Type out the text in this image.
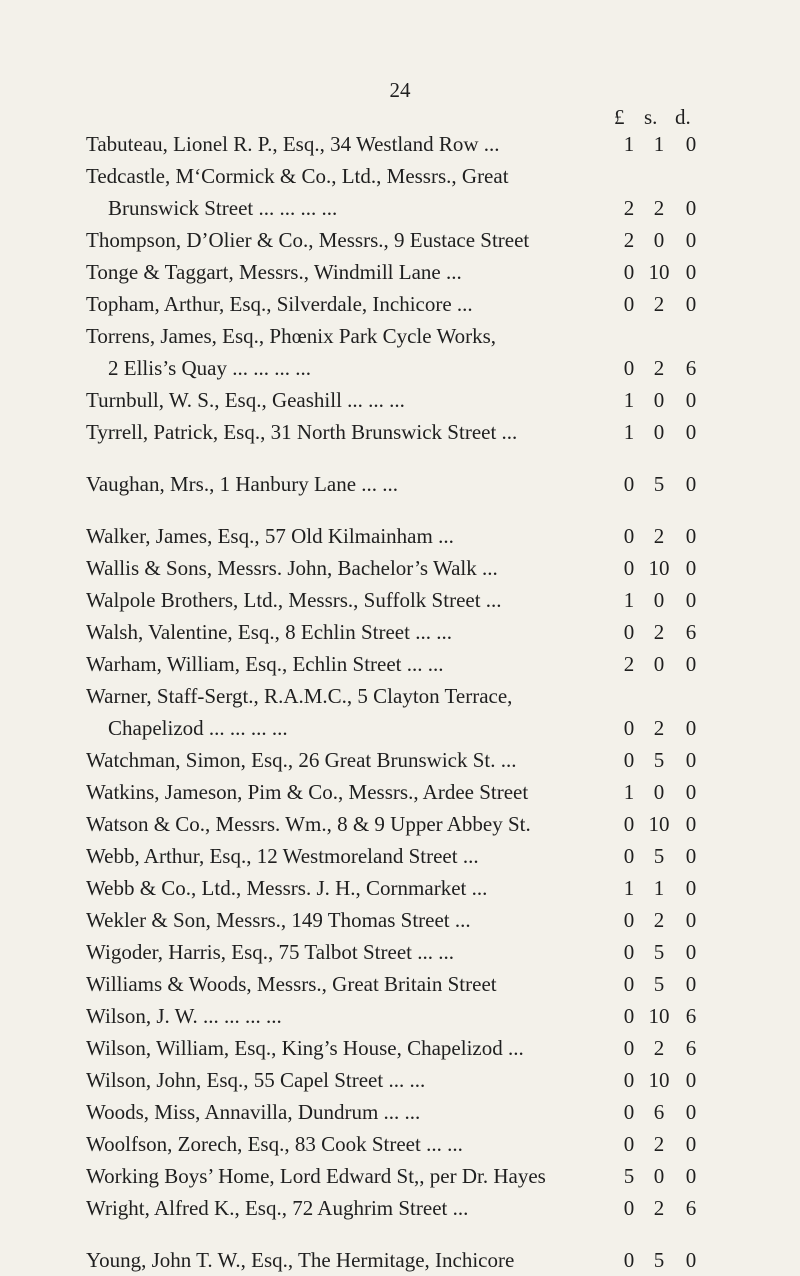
24
£ s. d.
Tabuteau, Lionel R. P., Esq., 34 Westland Row ...	1 1	0
Tedcastle, M‘Cormick & Co., Ltd., Messrs., Great
Brunswick Street ... ... ... ...	2 2	0
Thompson, D’Olier & Co., Messrs., 9 Eustace Street	2 0	0
Tonge & Taggart, Messrs., Windmill Lane ...	0 10 0
Topham, Arthur, Esq., Silverdale, Inchicore ...	0 2	0
Torrens, James, Esq., Phœnix Park Cycle Works,
2 Ellis’s Quay ... ... ... ...	0 2	6
Turnbull, W. S., Esq., Geashill ... ... ...	1 0	0
Tyrrell, Patrick, Esq., 31 North Brunswick Street ...	1 0	0
Vaughan, Mrs., 1 Hanbury Lane ... ...	0 5	0
Walker, James, Esq., 57 Old Kilmainham ...	0 2	0
Wallis & Sons, Messrs. John, Bachelor’s Walk ...	0 10 0
Walpole Brothers, Ltd., Messrs., Suffolk Street ...	1 0	0
Walsh, Valentine, Esq., 8 Echlin Street ... ...	0 2	6
Warham, William, Esq., Echlin Street ... ...	2 0	0
Warner, Staff-Sergt., R.A.M.C., 5 Clayton Terrace,
Chapelizod ... ... ... ...	0 2	0
Watchman, Simon, Esq., 26 Great Brunswick St. ...	0 5	0
Watkins, Jameson, Pim & Co., Messrs., Ardee Street	1 0	0
Watson & Co., Messrs. Wm., 8 & 9 Upper Abbey St.	0 10 0
Webb, Arthur, Esq., 12 Westmoreland Street ...	0 5	0
Webb & Co., Ltd., Messrs. J. H., Cornmarket ...	1 1	0
Wekler & Son, Messrs., 149 Thomas Street ...	0 2	0
Wigoder, Harris, Esq., 75 Talbot Street ... ...	0 5	0
Williams & Woods, Messrs., Great Britain Street	0 5	0
Wilson, J. W. ... ... ... ...	0 10 6
Wilson, William, Esq., King’s House, Chapelizod ...	0 2	6
Wilson, John, Esq., 55 Capel Street ... ...	0 10 0
Woods, Miss, Annavilla, Dundrum ... ...	0 6	0
Woolfson, Zorech, Esq., 83 Cook Street ... ...	0 2	0
Working Boys’ Home, Lord Edward St,, per Dr. Hayes	5 0	0
Wright, Alfred K., Esq., 72 Aughrim Street ...	0 2	6
Young, John T. W., Esq., The Hermitage, Inchicore	0 5	0
